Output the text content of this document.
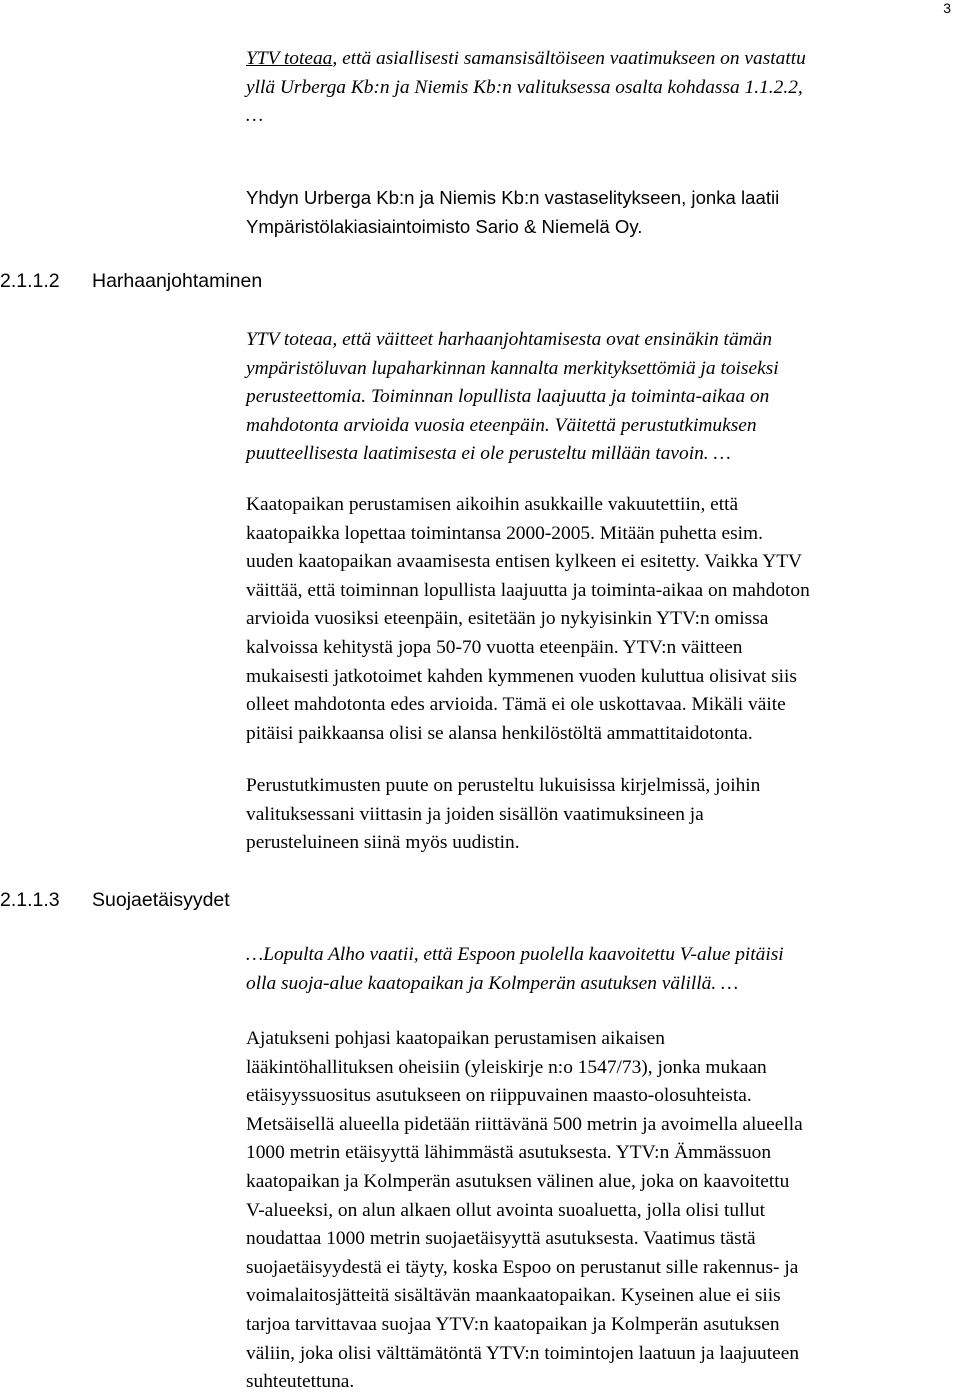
3
2.1.1.2 Harhaanjohtaminen
2.1.1.3 Suojaetäisyydet
YTV toteaa, että asiallisesti samansisältöiseen vaatimukseen on vastattu
yllä Urberga Kb:n ja Niemis Kb:n valituksessa osalta kohdassa 1.1.2.2,
…
Yhdyn Urberga Kb:n ja Niemis Kb:n vastaselitykseen, jonka laatii
Ympäristölakiasiaintoimisto Sario & Niemelä Oy.
YTV toteaa, että väitteet harhaanjohtamisesta ovat ensinäkin tämän
ympäristöluvan lupaharkinnan kannalta merkityksettömiä ja toiseksi
perusteettomia. Toiminnan lopullista laajuutta ja toiminta-aikaa on
mahdotonta arvioida vuosia eteenpäin. Väitettä perustutkimuksen
puutteellisesta laatimisesta ei ole perusteltu millään tavoin. …
Kaatopaikan perustamisen aikoihin asukkaille vakuutettiin, että
kaatopaikka lopettaa toimintansa 2000-2005. Mitään puhetta esim.
uuden kaatopaikan avaamisesta entisen kylkeen ei esitetty. Vaikka YTV
väittää, että toiminnan lopullista laajuutta ja toiminta-aikaa on mahdoton
arvioida vuosiksi eteenpäin, esitetään jo nykyisinkin YTV:n omissa
kalvoissa kehitystä jopa 50-70 vuotta eteenpäin. YTV:n väitteen
mukaisesti jatkotoimet kahden kymmenen vuoden kuluttua olisivat siis
olleet mahdotonta edes arvioida. Tämä ei ole uskottavaa. Mikäli väite
pitäisi paikkaansa olisi se alansa henkilöstöltä ammattitaidotonta.
Perustutkimusten puute on perusteltu lukuisissa kirjelmissä, joihin
valituksessani viittasin ja joiden sisällön vaatimuksineen ja
perusteluineen siinä myös uudistin.
…Lopulta Alho vaatii, että Espoon puolella kaavoitettu V-alue pitäisi
olla suoja-alue kaatopaikan ja Kolmperän asutuksen välillä. …
Ajatukseni pohjasi kaatopaikan perustamisen aikaisen
lääkintöhallituksen oheisiin (yleiskirje n:o 1547/73), jonka mukaan
etäisyyssuositus asutukseen on riippuvainen maasto-olosuhteista.
Metsäisellä alueella pidetään riittävänä 500 metrin ja avoimella alueella
1000 metrin etäisyyttä lähimmästä asutuksesta. YTV:n Ämmässuon
kaatopaikan ja Kolmperän asutuksen välinen alue, joka on kaavoitettu
V-alueeksi, on alun alkaen ollut avointa suoaluetta, jolla olisi tullut
noudattaa 1000 metrin suojaetäisyyttä asutuksesta. Vaatimus tästä
suojaetäisyydestä ei täyty, koska Espoo on perustanut sille rakennus- ja
voimalaitosjätteitä sisältävän maankaatopaikan. Kyseinen alue ei siis
tarjoa tarvittavaa suojaa YTV:n kaatopaikan ja Kolmperän asutuksen
väliin, joka olisi välttämätöntä YTV:n toimintojen laatuun ja laajuuteen
suhteutettuna.
